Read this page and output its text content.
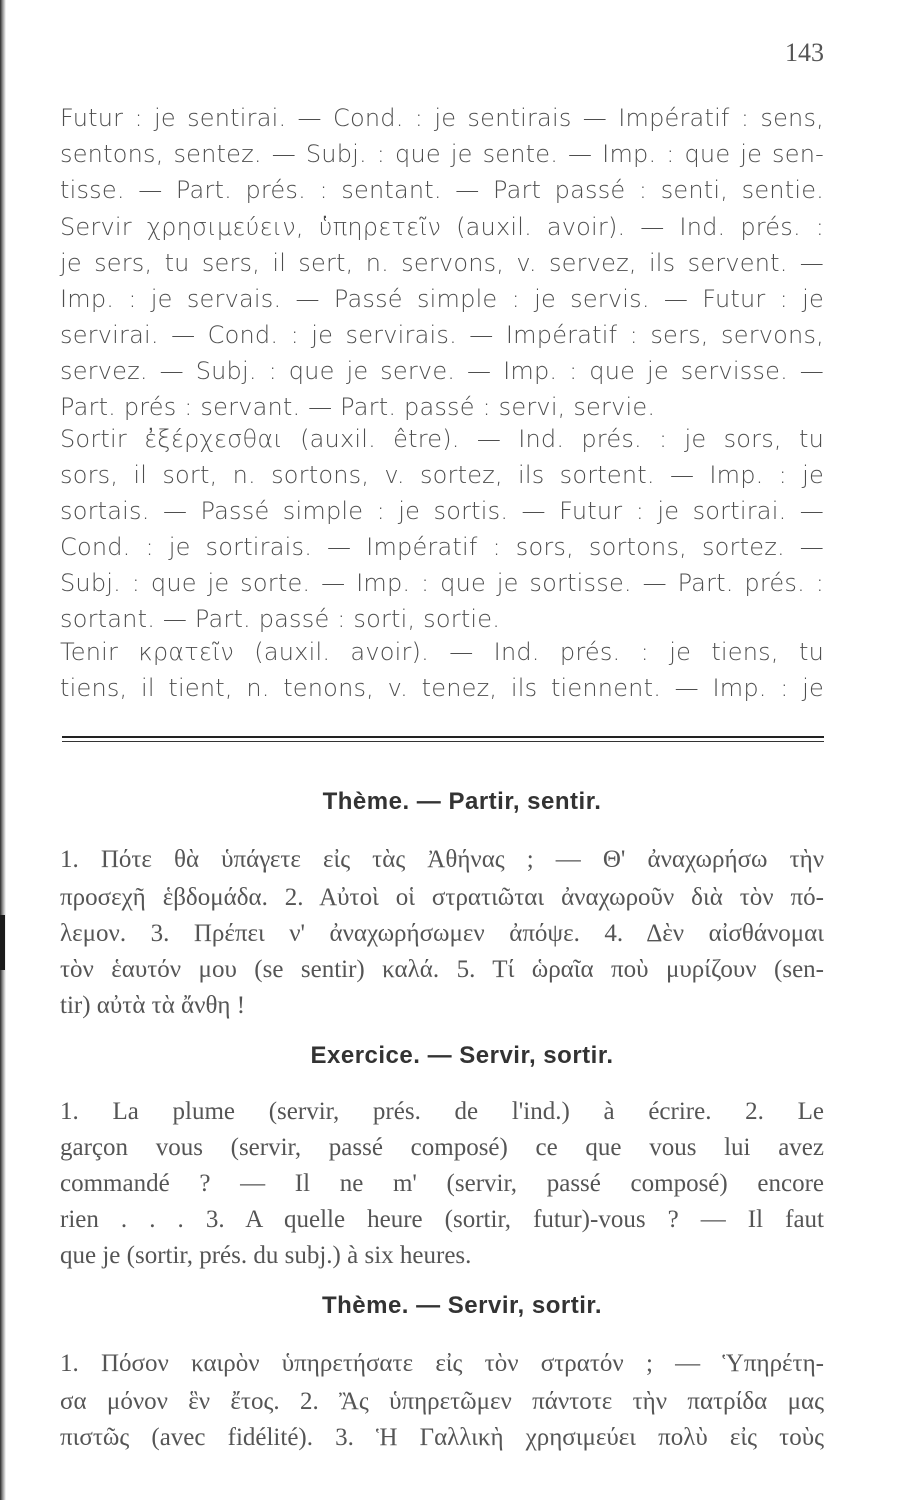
143
Futur : je sentirai. — Cond. : je sentirais — Impératif : sens,
sentons, sentez. — Subj. : que je sente. — Imp. : que je sen-
tisse. — Part. prés. : sentant. — Part passé : senti, sentie.
Servir χρησιμεύειν, ὑπηρετεῖν (auxil. avoir). — Ind. prés. :
je sers, tu sers, il sert, n. servons, v. servez, ils servent. —
Imp. : je servais. — Passé simple : je servis. — Futur : je
servirai. — Cond. : je servirais. — Impératif : sers, servons,
servez. — Subj. : que je serve. — Imp. : que je servisse. —
Part. prés : servant. — Part. passé : servi, servie.
Sortir ἐξέρχεσθαι (auxil. être). — Ind. prés. : je sors, tu
sors, il sort, n. sortons, v. sortez, ils sortent. — Imp. : je
sortais. — Passé simple : je sortis. — Futur : je sortirai. —
Cond. : je sortirais. — Impératif : sors, sortons, sortez. —
Subj. : que je sorte. — Imp. : que je sortisse. — Part. prés. :
sortant. — Part. passé : sorti, sortie.
Tenir κρατεῖν (auxil. avoir). — Ind. prés. : je tiens, tu
tiens, il tient, n. tenons, v. tenez, ils tiennent. — Imp. : je
Thème. — Partir, sentir.
1. Πότε θὰ ὑπάγετε εἰς τὰς Ἀθήνας ; — Θ' ἀναχωρήσω τὴν
προσεχῆ ἑβδομάδα. 2. Αὐτοὶ οἱ στρατιῶται ἀναχωροῦν διὰ τὸν πό-
λεμον. 3. Πρέπει ν' ἀναχωρήσωμεν ἀπόψε. 4. Δὲν αἰσθάνομαι
τὸν ἑαυτόν μου (se sentir) καλά. 5. Τί ὡραῖα ποὺ μυρίζουν (sen-
tir) αὐτὰ τὰ ἄνθη !
Exercice. — Servir, sortir.
1. La plume (servir, prés. de l'ind.) à écrire. 2. Le
garçon vous (servir, passé composé) ce que vous lui avez
commandé ? — Il ne m' (servir, passé composé) encore
rien . . . 3. A quelle heure (sortir, futur)-vous ? — Il faut
que je (sortir, prés. du subj.) à six heures.
Thème. — Servir, sortir.
1. Πόσον καιρὸν ὑπηρετήσατε εἰς τὸν στρατόν ; — Ὑπηρέτη-
σα μόνον ἓν ἔτος. 2. Ἂς ὑπηρετῶμεν πάντοτε τὴν πατρίδα μας
πιστῶς (avec fidélité). 3. Ἡ Γαλλικὴ χρησιμεύει πολὺ εἰς τοὺς
